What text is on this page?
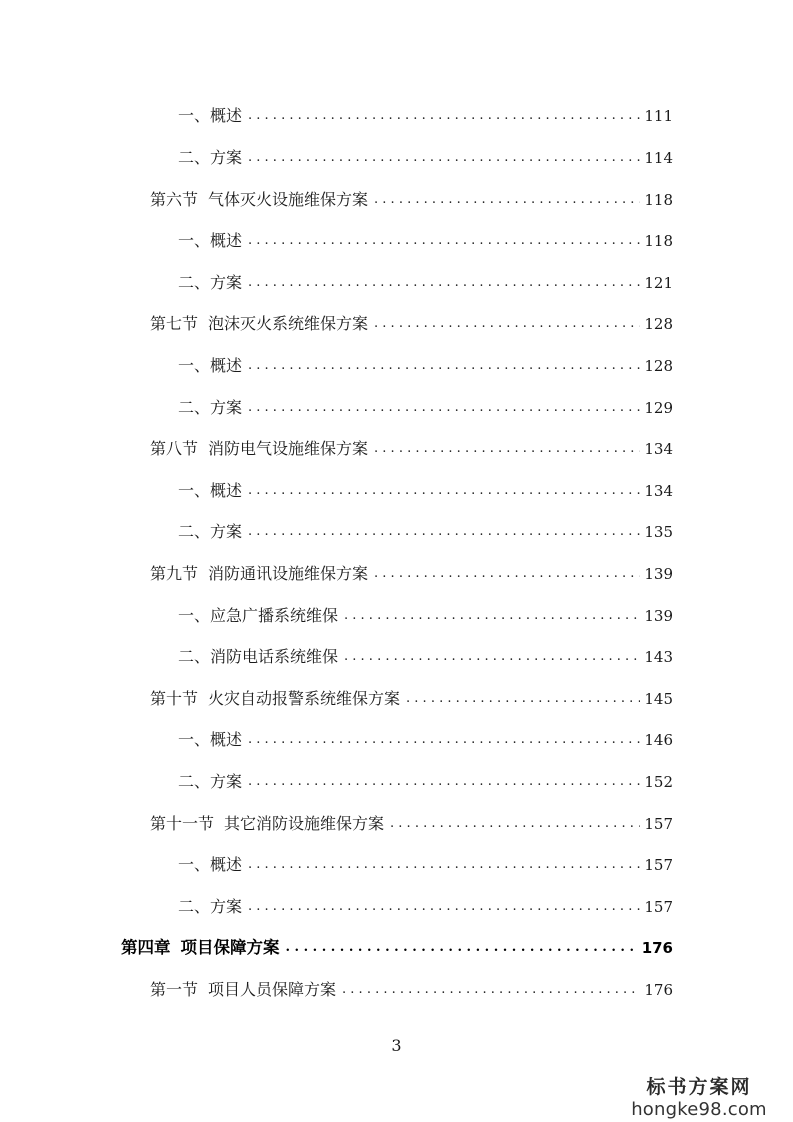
一、概述 . . .	111
二、方案 . . .	114
第六节 气体灭火设施维保方案 . . .	118
一、概述 . . .	118
二、方案 . . .	121
第七节 泡沫灭火系统维保方案 . . .	128
一、概述 . . .	128
二、方案 . . .	129
第八节 消防电气设施维保方案 . . .	134
一、概述 . . .	134
二、方案 . . .	135
第九节 消防通讯设施维保方案 . . .	139
一、应急广播系统维保 . . .	139
二、消防电话系统维保 . . .	143
第十节 火灾自动报警系统维保方案 . . .	145
一、概述 . . .	146
二、方案 . . .	152
第十一节 其它消防设施维保方案 . . .	157
一、概述 . . .	157
二、方案 . . .	157
第四章 项目保障方案 . . .	176
第一节 项目人员保障方案 . . .	176
3
标书方案网
hongke98.com
